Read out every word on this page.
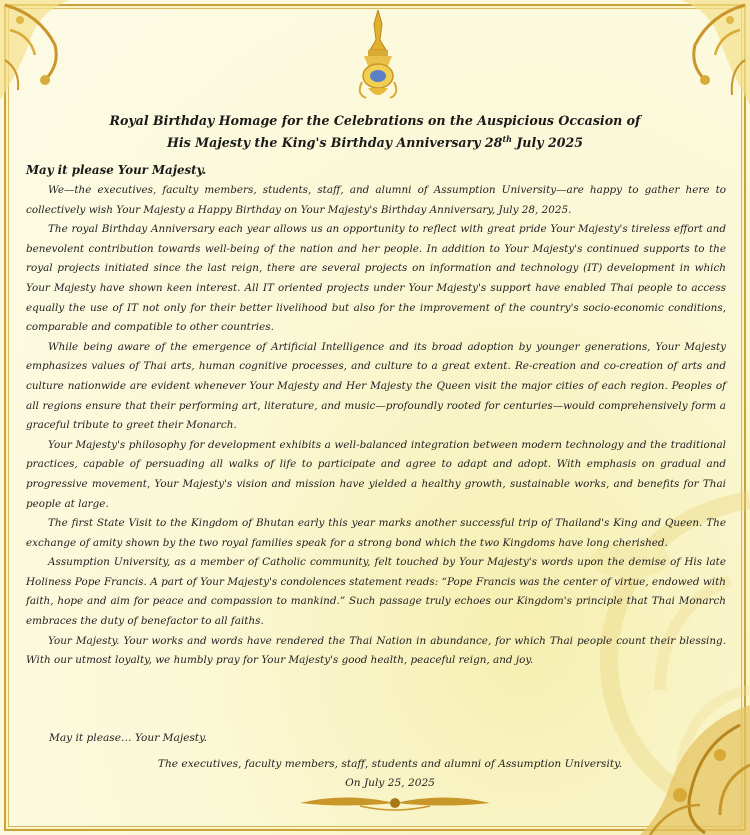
Royal Birthday Homage for the Celebrations on the Auspicious Occasion of
His Majesty the King's Birthday Anniversary 28th July 2025
May it please Your Majesty.

We—the executives, faculty members, students, staff, and alumni of Assumption University—are happy to gather here to collectively wish Your Majesty a Happy Birthday on Your Majesty's Birthday Anniversary, July 28, 2025.

The royal Birthday Anniversary each year allows us an opportunity to reflect with great pride Your Majesty's tireless effort and benevolent contribution towards well-being of the nation and her people. In addition to Your Majesty's continued supports to the royal projects initiated since the last reign, there are several projects on information and technology (IT) development in which Your Majesty have shown keen interest. All IT oriented projects under Your Majesty's support have enabled Thai people to access equally the use of IT not only for their better livelihood but also for the improvement of the country's socio-economic conditions, comparable and compatible to other countries.

While being aware of the emergence of Artificial Intelligence and its broad adoption by younger generations, Your Majesty emphasizes values of Thai arts, human cognitive processes, and culture to a great extent. Re-creation and co-creation of arts and culture nationwide are evident whenever Your Majesty and Her Majesty the Queen visit the major cities of each region. Peoples of all regions ensure that their performing art, literature, and music—profoundly rooted for centuries—would comprehensively form a graceful tribute to greet their Monarch.

Your Majesty's philosophy for development exhibits a well-balanced integration between modern technology and the traditional practices, capable of persuading all walks of life to participate and agree to adapt and adopt. With emphasis on gradual and progressive movement, Your Majesty's vision and mission have yielded a healthy growth, sustainable works, and benefits for Thai people at large.

The first State Visit to the Kingdom of Bhutan early this year marks another successful trip of Thailand's King and Queen. The exchange of amity shown by the two royal families speak for a strong bond which the two Kingdoms have long cherished.

Assumption University, as a member of Catholic community, felt touched by Your Majesty's words upon the demise of His late Holiness Pope Francis. A part of Your Majesty's condolences statement reads: “Pope Francis was the center of virtue, endowed with faith, hope and aim for peace and compassion to mankind.” Such passage truly echoes our Kingdom's principle that Thai Monarch embraces the duty of benefactor to all faiths.

Your Majesty. Your works and words have rendered the Thai Nation in abundance, for which Thai people count their blessing. With our utmost loyalty, we humbly pray for Your Majesty's good health, peaceful reign, and joy.

May it please… Your Majesty.
The executives, faculty members, staff, students and alumni of Assumption University.
On July 25, 2025
